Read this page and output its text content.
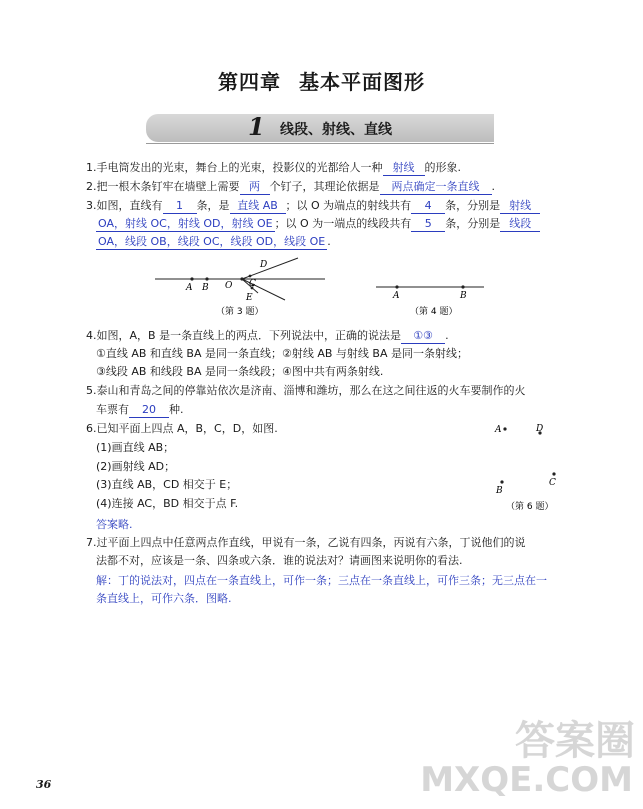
第四章 基本平面图形
1 线段、射线、直线
1.手电筒发出的光束，舞台上的光束，投影仪的光都给人一种 射线 的形象.
2.把一根木条钉牢在墙壁上需要 两 个钉子，其理论依据是 两点确定一条直线 .
3.如图，直线有 1 条，是 直线 AB ；以 O 为端点的射线共有 4 条，分别是 射线
OA，射线 OC，射线 OD，射线 OE ；以 O 为一端点的线段共有 5 条，分别是 线段
OA，线段 OB，线段 OC，线段 OD，线段 OE .
A B O C
D
E
（第 3 题）
A	B
（第 4 题）
4.如图，A，B 是一条直线上的两点．下列说法中，正确的说法是 ①③ .
①直线 AB 和直线 BA 是同一条直线；②射线 AB 与射线 BA 是同一条射线；
③线段 AB 和线段 BA 是同一条线段；④图中共有两条射线.
5.泰山和青岛之间的停靠站依次是济南、淄博和潍坊，那么在这之间往返的火车要制作的火
车票有 20 种.
6.已知平面上四点 A，B，C，D，如图.
(1)画直线 AB；
(2)画射线 AD；
(3)直线 AB，CD 相交于 E；
(4)连接 AC，BD 相交于点 F.
答案略.
A	D
B
C
（第 6 题）
7.过平面上四点中任意两点作直线，甲说有一条，乙说有四条，丙说有六条，丁说他们的说
法都不对，应该是一条、四条或六条．谁的说法对？请画图来说明你的看法.
解：丁的说法对，四点在一条直线上，可作一条；三点在一条直线上，可作三条；无三点在一
条直线上，可作六条．图略.
36
答案圈
MXQE.COM
